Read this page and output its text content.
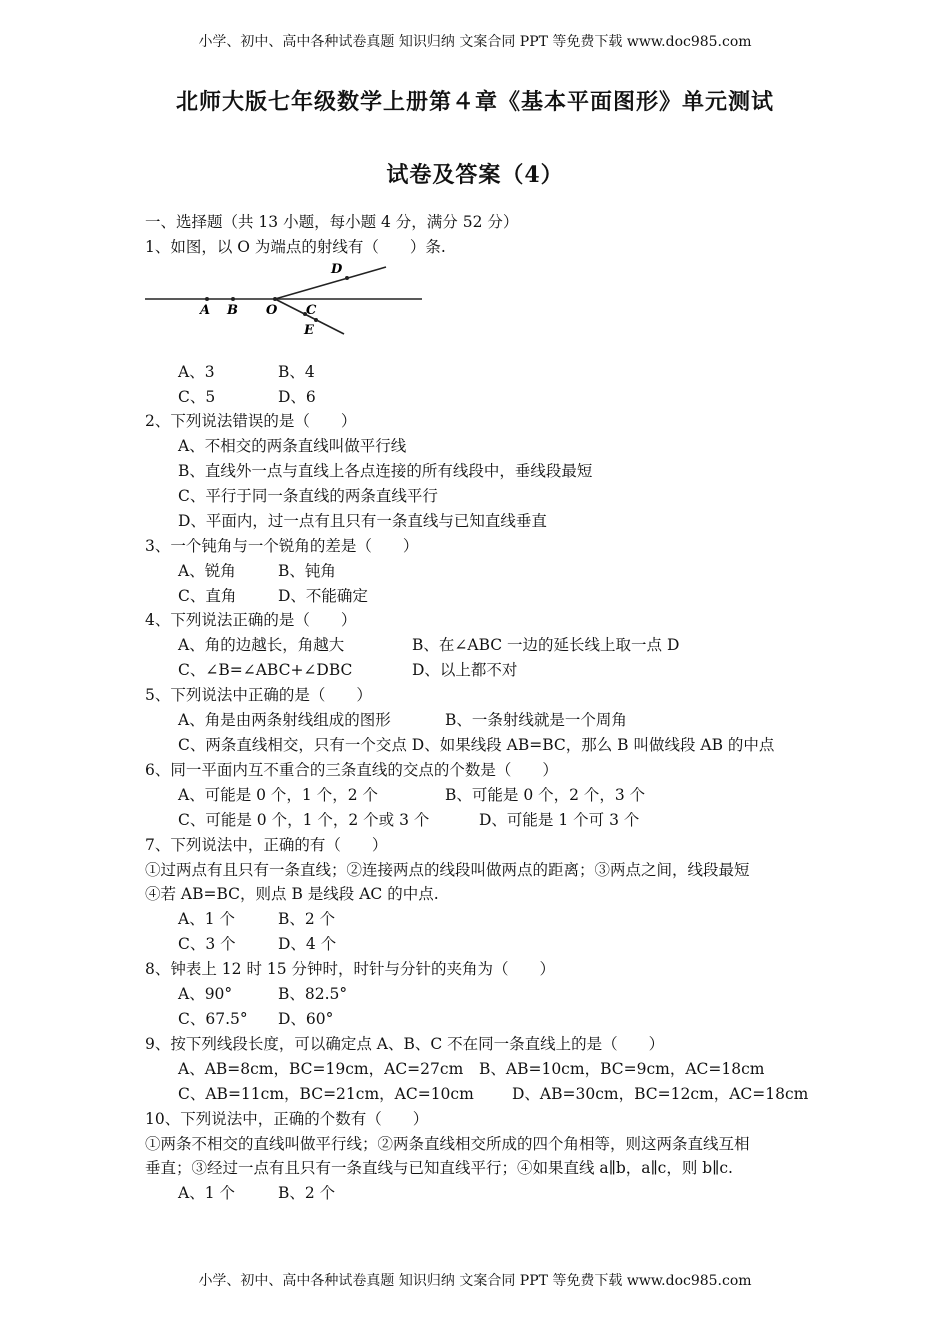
小学、初中、高中各种试卷真题 知识归纳 文案合同 PPT 等免费下载 www.doc985.com
北师大版七年级数学上册第４章《基本平面图形》单元测试
试卷及答案（4）
一、选择题（共 13 小题，每小题 4 分，满分 52 分）
1、如图，以 O 为端点的射线有（　　）条.
A B O C
D
E
A、3	B、4
C、5	D、6
2、下列说法错误的是（　　）
A、不相交的两条直线叫做平行线
B、直线外一点与直线上各点连接的所有线段中，垂线段最短
C、平行于同一条直线的两条直线平行
D、平面内，过一点有且只有一条直线与已知直线垂直
3、一个钝角与一个锐角的差是（　　）
A、锐角	B、钝角
C、直角	D、不能确定
4、下列说法正确的是（　　）
A、角的边越长，角越大	B、在∠ABC 一边的延长线上取一点 D
C、∠B=∠ABC+∠DBC	D、以上都不对
5、下列说法中正确的是（　　）
A、角是由两条射线组成的图形	B、一条射线就是一个周角
C、两条直线相交，只有一个交点 D、如果线段 AB=BC，那么 B 叫做线段 AB 的中点
6、同一平面内互不重合的三条直线的交点的个数是（　　）
A、可能是 0 个，1 个，2 个	B、可能是 0 个，2 个，3 个
C、可能是 0 个，1 个，2 个或 3 个	D、可能是 1 个可 3 个
7、下列说法中，正确的有（　　）
①过两点有且只有一条直线；②连接两点的线段叫做两点的距离；③两点之间，线段最短
④若 AB=BC，则点 B 是线段 AC 的中点.
A、1 个	B、2 个
C、3 个	D、4 个
8、钟表上 12 时 15 分钟时，时针与分针的夹角为（　　）
A、90°	B、82.5°
C、67.5° D、60°
9、按下列线段长度，可以确定点 A、B、C 不在同一条直线上的是（　　）
A、AB=8cm，BC=19cm，AC=27cm B、AB=10cm，BC=9cm，AC=18cm
C、AB=11cm，BC=21cm，AC=10cm D、AB=30cm，BC=12cm，AC=18cm
10、下列说法中，正确的个数有（　　）
①两条不相交的直线叫做平行线；②两条直线相交所成的四个角相等，则这两条直线互相
垂直；③经过一点有且只有一条直线与已知直线平行；④如果直线 a∥b，a∥c，则 b∥c.
A、1 个	B、2 个
小学、初中、高中各种试卷真题 知识归纳 文案合同 PPT 等免费下载 www.doc985.com
